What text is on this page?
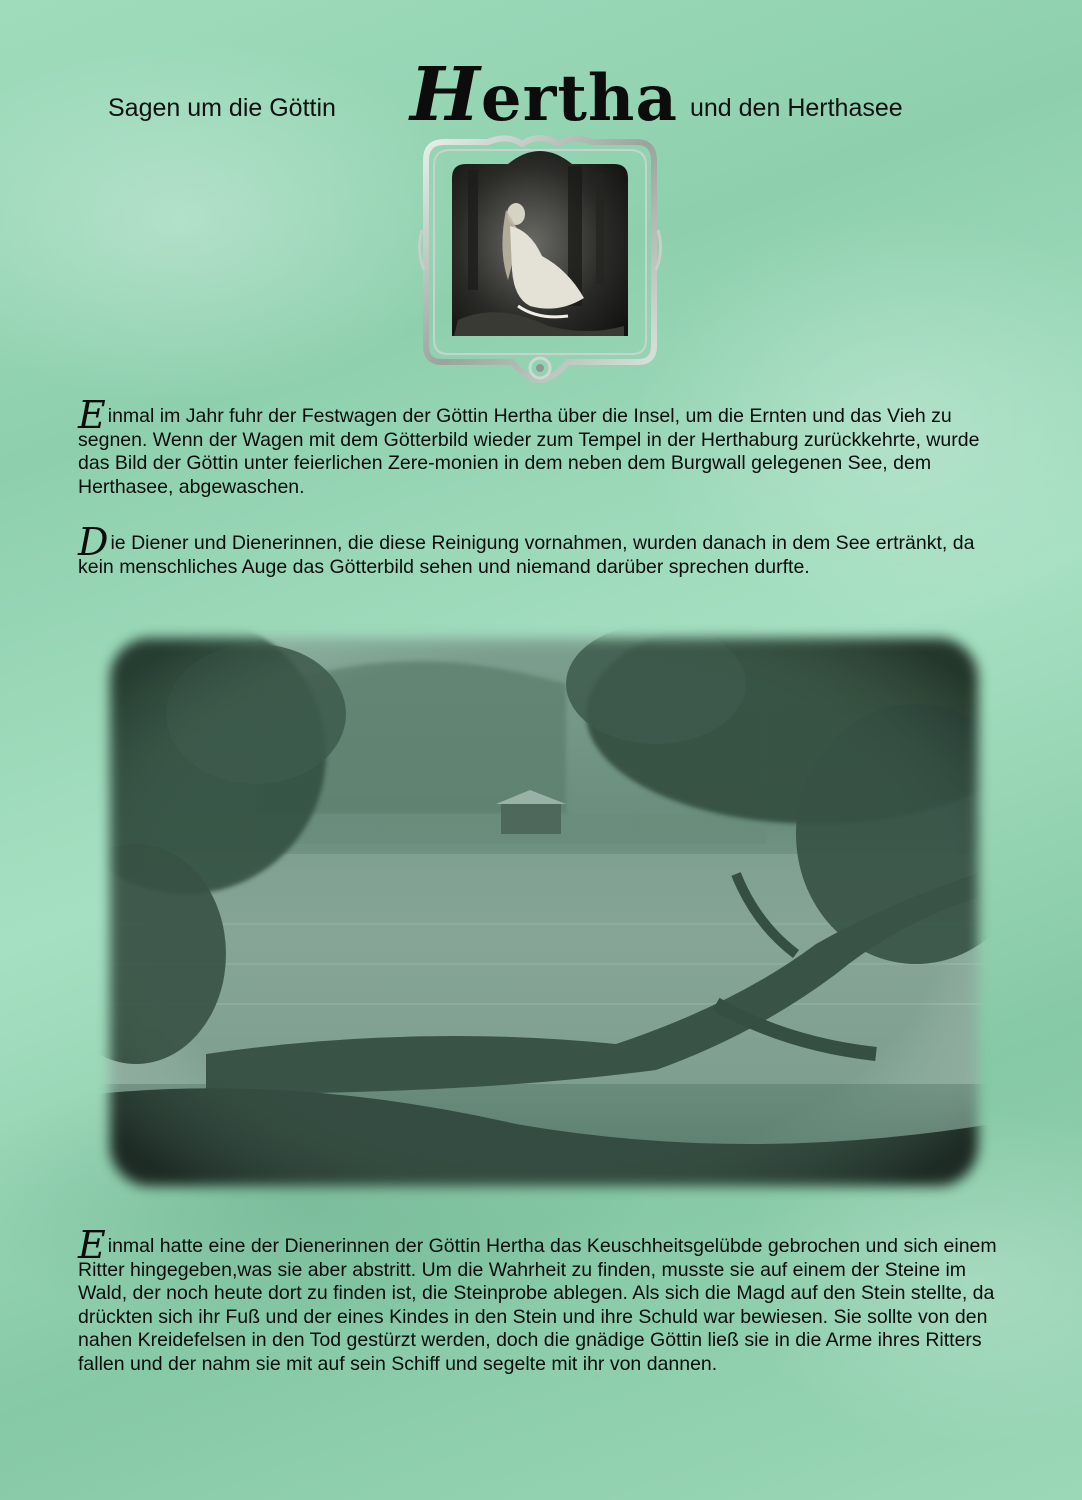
Sagen um die Göttin Hertha und den Herthasee

Einmal im Jahr fuhr der Festwagen der Göttin Hertha über die Insel, um die Ernten und das Vieh zu segnen. Wenn der Wagen mit dem Götterbild wieder zum Tempel in der Herthaburg zurückkehrte, wurde das Bild der Göttin unter feierlichen Zere-monien in dem neben dem Burgwall gelegenen See, dem Herthasee, abgewaschen.

Die Diener und Dienerinnen, die diese Reinigung vornahmen, wurden danach in dem See ertränkt, da kein menschliches Auge das Götterbild sehen und niemand darüber sprechen durfte.

Einmal hatte eine der Dienerinnen der Göttin Hertha das Keuschheitsgelübde gebrochen und sich einem Ritter hingegeben,was sie aber abstritt. Um die Wahrheit zu finden, musste sie auf einem der Steine im Wald, der noch heute dort zu finden ist, die Steinprobe ablegen. Als sich die Magd auf den Stein stellte, da drückten sich ihr Fuß und der eines Kindes in den Stein und ihre Schuld war bewiesen. Sie sollte von den nahen Kreidefelsen in den Tod gestürzt werden, doch die gnädige Göttin ließ sie in die Arme ihres Ritters fallen und der nahm sie mit auf sein Schiff und segelte mit ihr von dannen.
